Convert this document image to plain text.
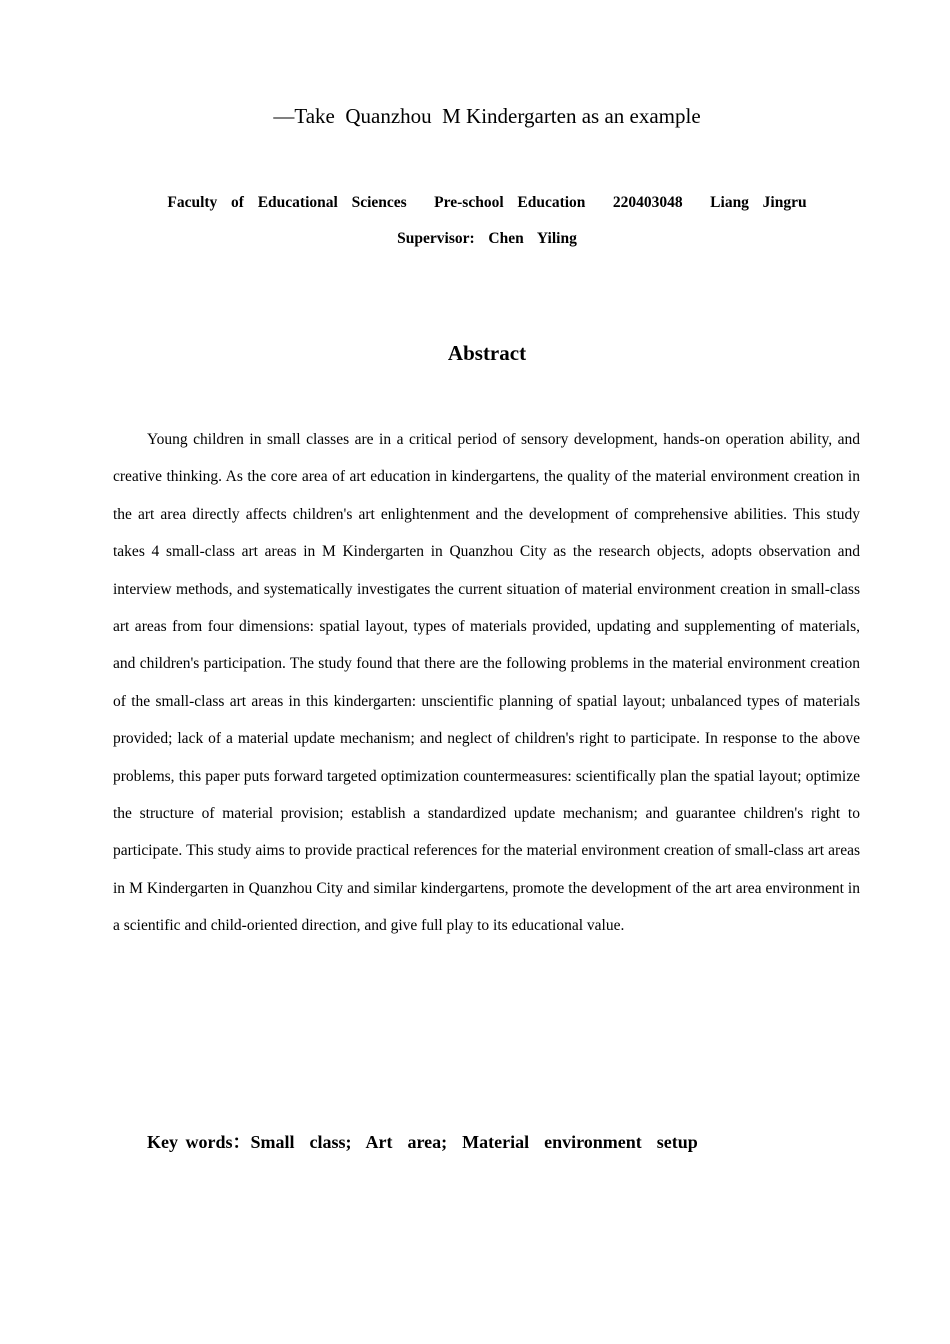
—Take  Quanzhou  M Kindergarten as an example
Faculty  of  Educational  Sciences    Pre-school  Education    220403048    Liang  Jingru
Supervisor:  Chen  Yiling
Abstract

Young children in small classes are in a critical period of sensory development, hands-on operation ability, and creative thinking. As the core area of art education in kindergartens, the quality of the material environment creation in the art area directly affects children's art enlightenment and the development of comprehensive abilities. This study takes 4 small-class art areas in M Kindergarten in Quanzhou City as the research objects, adopts observation and interview methods, and systematically investigates the current situation of material environment creation in small-class art areas from four dimensions: spatial layout, types of materials provided, updating and supplementing of materials, and children's participation. The study found that there are the following problems in the material environment creation of the small-class art areas in this kindergarten: unscientific planning of spatial layout; unbalanced types of materials provided; lack of a material update mechanism; and neglect of children's right to participate. In response to the above problems, this paper puts forward targeted optimization countermeasures: scientifically plan the spatial layout; optimize the structure of material provision; establish a standardized update mechanism; and guarantee children's right to participate. This study aims to provide practical references for the material environment creation of small-class art areas in M Kindergarten in Quanzhou City and similar kindergartens, promote the development of the art area environment in a scientific and child-oriented direction, and give full play to its educational value.

Key words：Small  class;  Art  area;  Material  environment  setup
